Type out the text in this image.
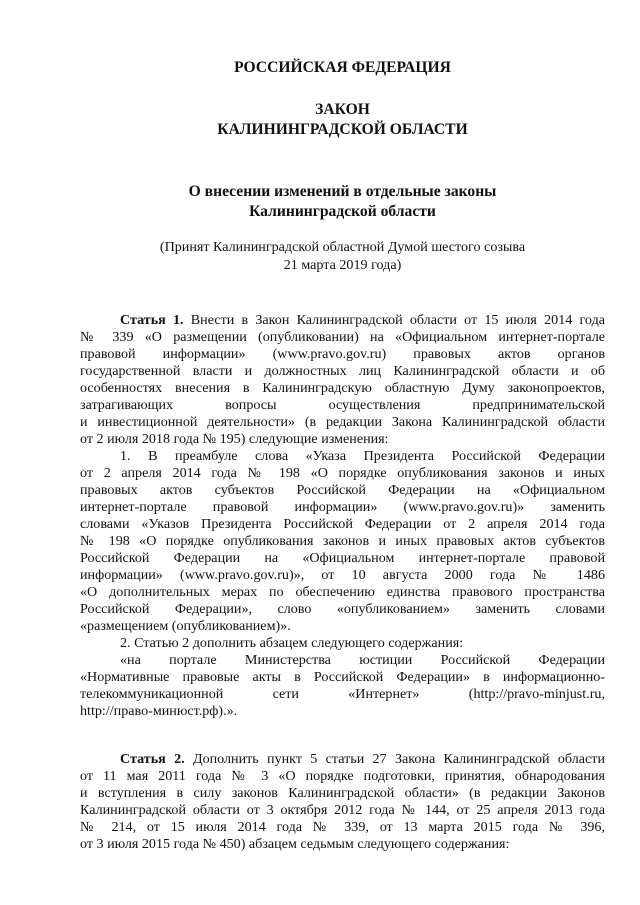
РОССИЙСКАЯ ФЕДЕРАЦИЯ

ЗАКОН

КАЛИНИНГРАДСКОЙ ОБЛАСТИ

О внесении изменений в отдельные законы

Калининградской области

(Принят Калининградской областной Думой шестого созыва

21 марта 2019 года)

Статья 1. Внести в Закон Калининградской области от 15 июля 2014 года
№ 339 «О размещении (опубликовании) на «Официальном интернет-портале
правовой информации» (www.pravo.gov.ru) правовых актов органов
государственной власти и должностных лиц Калининградской области и об
особенностях внесения в Калининградскую областную Думу законопроектов,
затрагивающих вопросы осуществления предпринимательской
и инвестиционной деятельности» (в редакции Закона Калининградской области
от 2 июля 2018 года № 195) следующие изменения:
1. В преамбуле слова «Указа Президента Российской Федерации
от 2 апреля 2014 года № 198 «О порядке опубликования законов и иных
правовых актов субъектов Российской Федерации на «Официальном
интернет-портале правовой информации» (www.pravo.gov.ru)» заменить
словами «Указов Президента Российской Федерации от 2 апреля 2014 года
№ 198 «О порядке опубликования законов и иных правовых актов субъектов
Российской Федерации на «Официальном интернет-портале правовой
информации» (www.pravo.gov.ru)», от 10 августа 2000 года № 1486
«О дополнительных мерах по обеспечению единства правового пространства
Российской Федерации», слово «опубликованием» заменить словами
«размещением (опубликованием)».
2. Статью 2 дополнить абзацем следующего содержания:
«на портале Министерства юстиции Российской Федерации
«Нормативные правовые акты в Российской Федерации» в информационно-
телекоммуникационной сети «Интернет» (http://pravo-minjust.ru,
http://право-минюст.рф).».
Статья 2. Дополнить пункт 5 статьи 27 Закона Калининградской области
от 11 мая 2011 года № 3 «О порядке подготовки, принятия, обнародования
и вступления в силу законов Калининградской области» (в редакции Законов
Калининградской области от 3 октября 2012 года № 144, от 25 апреля 2013 года
№ 214, от 15 июля 2014 года № 339, от 13 марта 2015 года № 396,
от 3 июля 2015 года № 450) абзацем седьмым следующего содержания:
